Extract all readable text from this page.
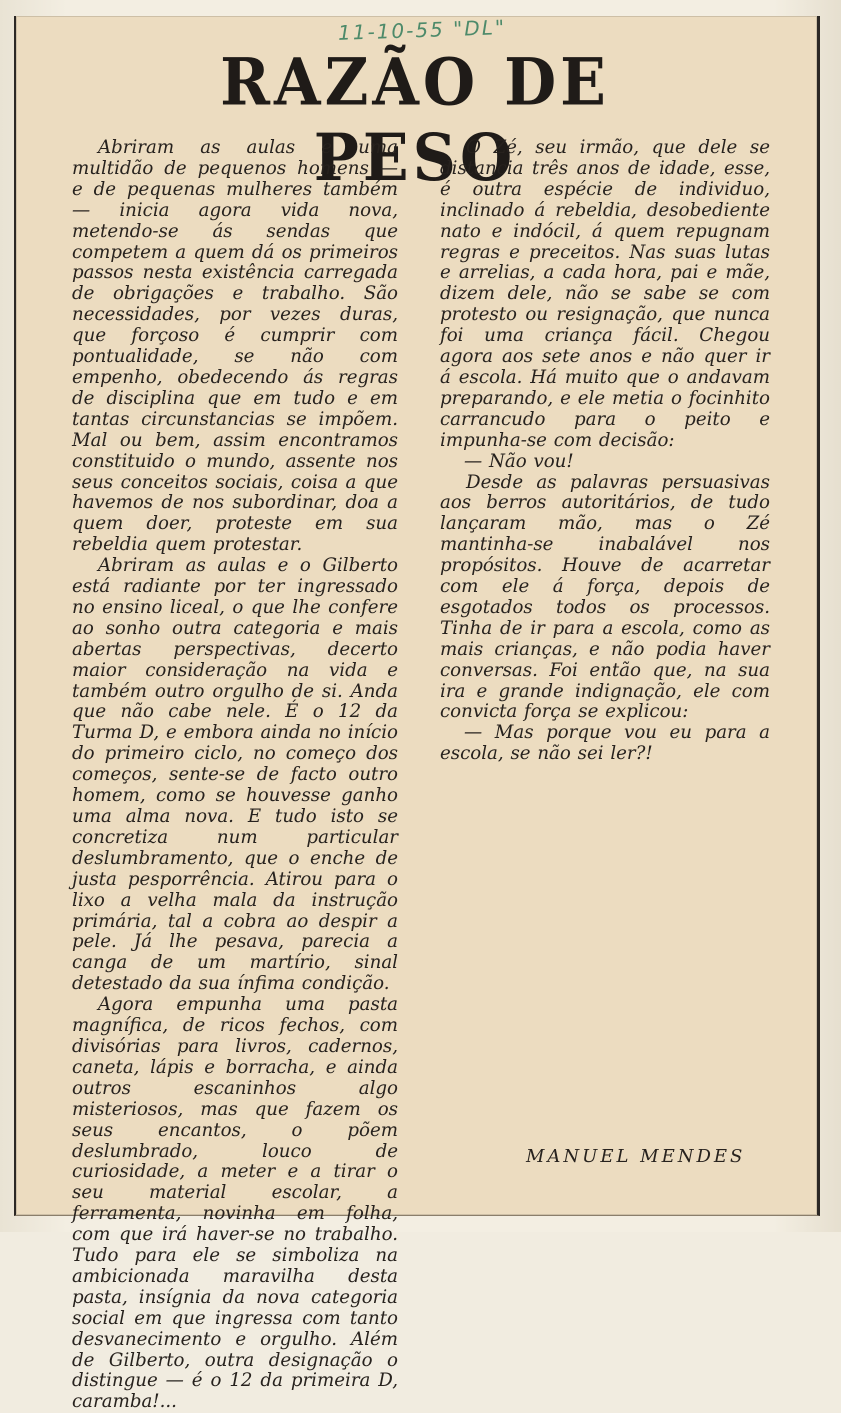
11-10-55 "DL"
RAZÃO DE PESO

Abriram as aulas e uma multidão de pequenos homens — e de pequenas mulheres também — inicia agora vida nova, metendo-se ás sendas que competem a quem dá os primeiros passos nesta existência carregada de obrigações e trabalho. São necessidades, por vezes duras, que forçoso é cumprir com pontualidade, se não com empenho, obedecendo ás regras de disciplina que em tudo e em tantas circunstancias se impõem. Mal ou bem, assim encontramos constituido o mundo, assente nos seus conceitos sociais, coisa a que havemos de nos subordinar, doa a quem doer, proteste em sua rebeldia quem protestar.

Abriram as aulas e o Gilberto está radiante por ter ingressado no ensino liceal, o que lhe confere ao sonho outra categoria e mais abertas perspectivas, decerto maior consideração na vida e também outro orgulho de si. Anda que não cabe nele. É o 12 da Turma D, e embora ainda no início do primeiro ciclo, no começo dos começos, sente-se de facto outro homem, como se houvesse ganho uma alma nova. E tudo isto se concretiza num particular deslumbramento, que o enche de justa pesporrência. Atirou para o lixo a velha mala da instrução primária, tal a cobra ao despir a pele. Já lhe pesava, parecia a canga de um martírio, sinal detestado da sua ínfima condição.

Agora empunha uma pasta magnífica, de ricos fechos, com divisórias para livros, cadernos, caneta, lápis e borracha, e ainda outros escaninhos algo misteriosos, mas que fazem os seus encantos, o põem deslumbrado, louco de curiosidade, a meter e a tirar o seu material escolar, a ferramenta, novinha em folha, com que irá haver-se no trabalho. Tudo para ele se simboliza na ambicionada maravilha desta pasta, insígnia da nova categoria social em que ingressa com tanto desvanecimento e orgulho. Além de Gilberto, outra designação o distingue — é o 12 da primeira D, caramba!...

O Zé, seu irmão, que dele se distancia três anos de idade, esse, é outra espécie de individuo, inclinado á rebeldia, desobediente nato e indócil, á quem repugnam regras e preceitos. Nas suas lutas e arrelias, a cada hora, pai e mãe, dizem dele, não se sabe se com protesto ou resignação, que nunca foi uma criança fácil. Chegou agora aos sete anos e não quer ir á escola. Há muito que o andavam preparando, e ele metia o focinhito carrancudo para o peito e impunha-se com decisão:

— Não vou!

Desde as palavras persuasivas aos berros autoritários, de tudo lançaram mão, mas o Zé mantinha-se inabalável nos propósitos. Houve de acarretar com ele á força, depois de esgotados todos os processos. Tinha de ir para a escola, como as mais crianças, e não podia haver conversas. Foi então que, na sua ira e grande indignação, ele com convicta força se explicou:

— Mas porque vou eu para a escola, se não sei ler?!

MANUEL MENDES
